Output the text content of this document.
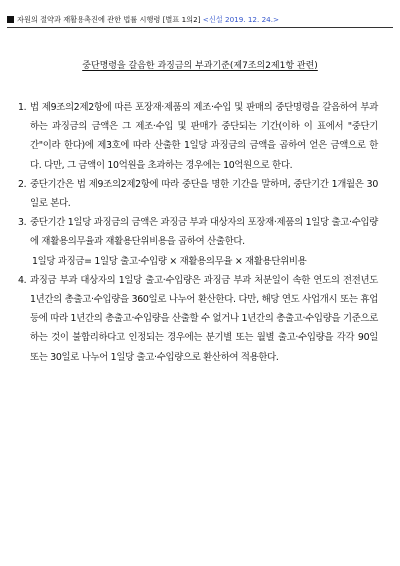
자원의 절약과 재활용촉진에 관한 법률 시행령 [별표 1의2] <신설 2019. 12. 24.>
중단명령을 갈음한 과징금의 부과기준(제7조의2제1항 관련)
1. 법 제9조의2제2항에 따른 포장재·제품의 제조·수입 및 판매의 중단명령을 갈음하여 부과하는 과징금의 금액은 그 제조·수입 및 판매가 중단되는 기간(이하 이 표에서 "중단기간"이라 한다)에 제3호에 따라 산출한 1일당 과징금의 금액을 곱하여 얻은 금액으로 한다. 다만, 그 금액이 10억원을 초과하는 경우에는 10억원으로 한다.
2. 중단기간은 법 제9조의2제2항에 따라 중단을 명한 기간을 말하며, 중단기간 1개월은 30일로 본다.
3. 중단기간 1일당 과징금의 금액은 과징금 부과 대상자의 포장재·제품의 1일당 출고·수입량에 재활용의무율과 재활용단위비용을 곱하여 산출한다.
1일당 과징금= 1일당 출고·수입량 × 재활용의무율 × 재활용단위비용
4. 과징금 부과 대상자의 1일당 출고·수입량은 과징금 부과 처분일이 속한 연도의 전전년도 1년간의 총출고·수입량을 360일로 나누어 환산한다. 다만, 해당 연도 사업개시 또는 휴업 등에 따라 1년간의 총출고·수입량을 산출할 수 없거나 1년간의 총출고·수입량을 기준으로 하는 것이 불합리하다고 인정되는 경우에는 분기별 또는 월별 출고·수입량을 각각 90일 또는 30일로 나누어 1일당 출고·수입량으로 환산하여 적용한다.
